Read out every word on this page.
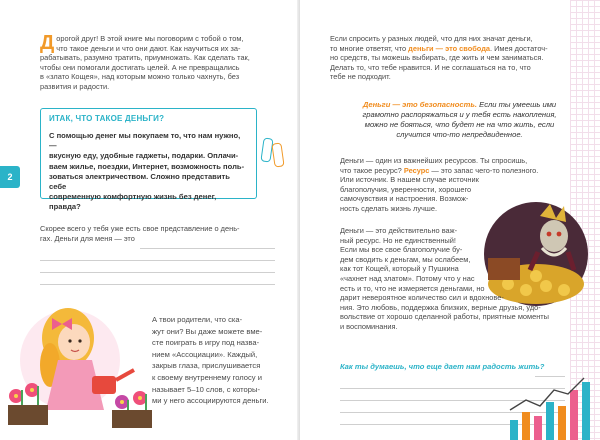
Д орогой друг! В этой книге мы поговорим с тобой о том,
что такое деньги и что они дают. Как научиться их за-
рабатывать, разумно тратить, приумножать. Как сделать так,
чтобы они помогали достигать целей. А не превращались
в «злато Кощея», над которым можно только чахнуть, без
развития и радости.
ИТАК, ЧТО ТАКОЕ ДЕНЬГИ?
С помощью денег мы покупаем то, что нам нужно, —
вкусную еду, удобные гаджеты, подарки. Оплачи-
ваем жилье, поездки, Интернет, возможность поль-
зоваться электричеством. Сложно представить себе
современную комфортную жизнь без денег, правда?
2
Скорее всего у тебя уже есть свое представление о день-
гах. Деньги для меня — это
А твои родители, что ска-
жут они? Вы даже можете вме-
сте поиграть в игру под назва-
нием «Ассоциации». Каждый,
закрыв глаза, прислушивается
к своему внутреннему голосу и
называет 5–10 слов, с которы-
ми у него ассоциируются деньги.
Если спросить у разных людей, что для них значат деньги,
то многие ответят, что деньги — это свобода. Имея достаточ-
но средств, ты можешь выбирать, где жить и чем заниматься.
Делать то, что тебе нравится. И не соглашаться на то, что
тебе не подходит.
Деньги — это безопасность. Если ты умеешь ими
грамотно распоряжаться и у тебя есть накопления,
можно не бояться, что будет не на что жить, если
случится что-то непредвиденное.
Деньги — один из важнейших ресурсов. Ты спросишь,
что такое ресурс? Ресурс — это запас чего-то полезного.
Или источник. В нашем случае источник
благополучия, уверенности, хорошего
самочувствия и настроения. Возмож-
ность сделать жизнь лучше.
Деньги — это действительно важ-
ный ресурс. Но не единственный!
Если мы все свое благополучие бу-
дем сводить к деньгам, мы ослабеем,
как тот Кощей, который у Пушкина
«чахнет над златом». Потому что у нас
есть и то, что не измеряется деньгами, но
дарит невероятное количество сил и вдохнове-
ния. Это любовь, поддержка близких, верные друзья, удо-
вольствие от хорошо сделанной работы, приятные моменты
и воспоминания.
Как ты думаешь, что еще дает нам радость жить?
